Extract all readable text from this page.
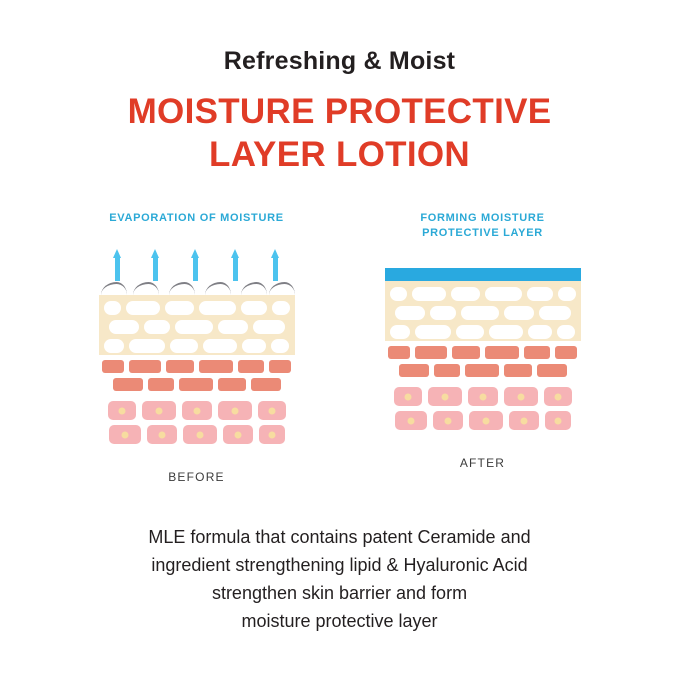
Refreshing & Moist
MOISTURE PROTECTIVE
LAYER LOTION
EVAPORATION OF MOISTURE
BEFORE
FORMING MOISTURE PROTECTIVE LAYER
AFTER
MLE formula that contains patent Ceramide and
ingredient strengthening lipid & Hyaluronic Acid
strengthen skin barrier and form
moisture protective layer
